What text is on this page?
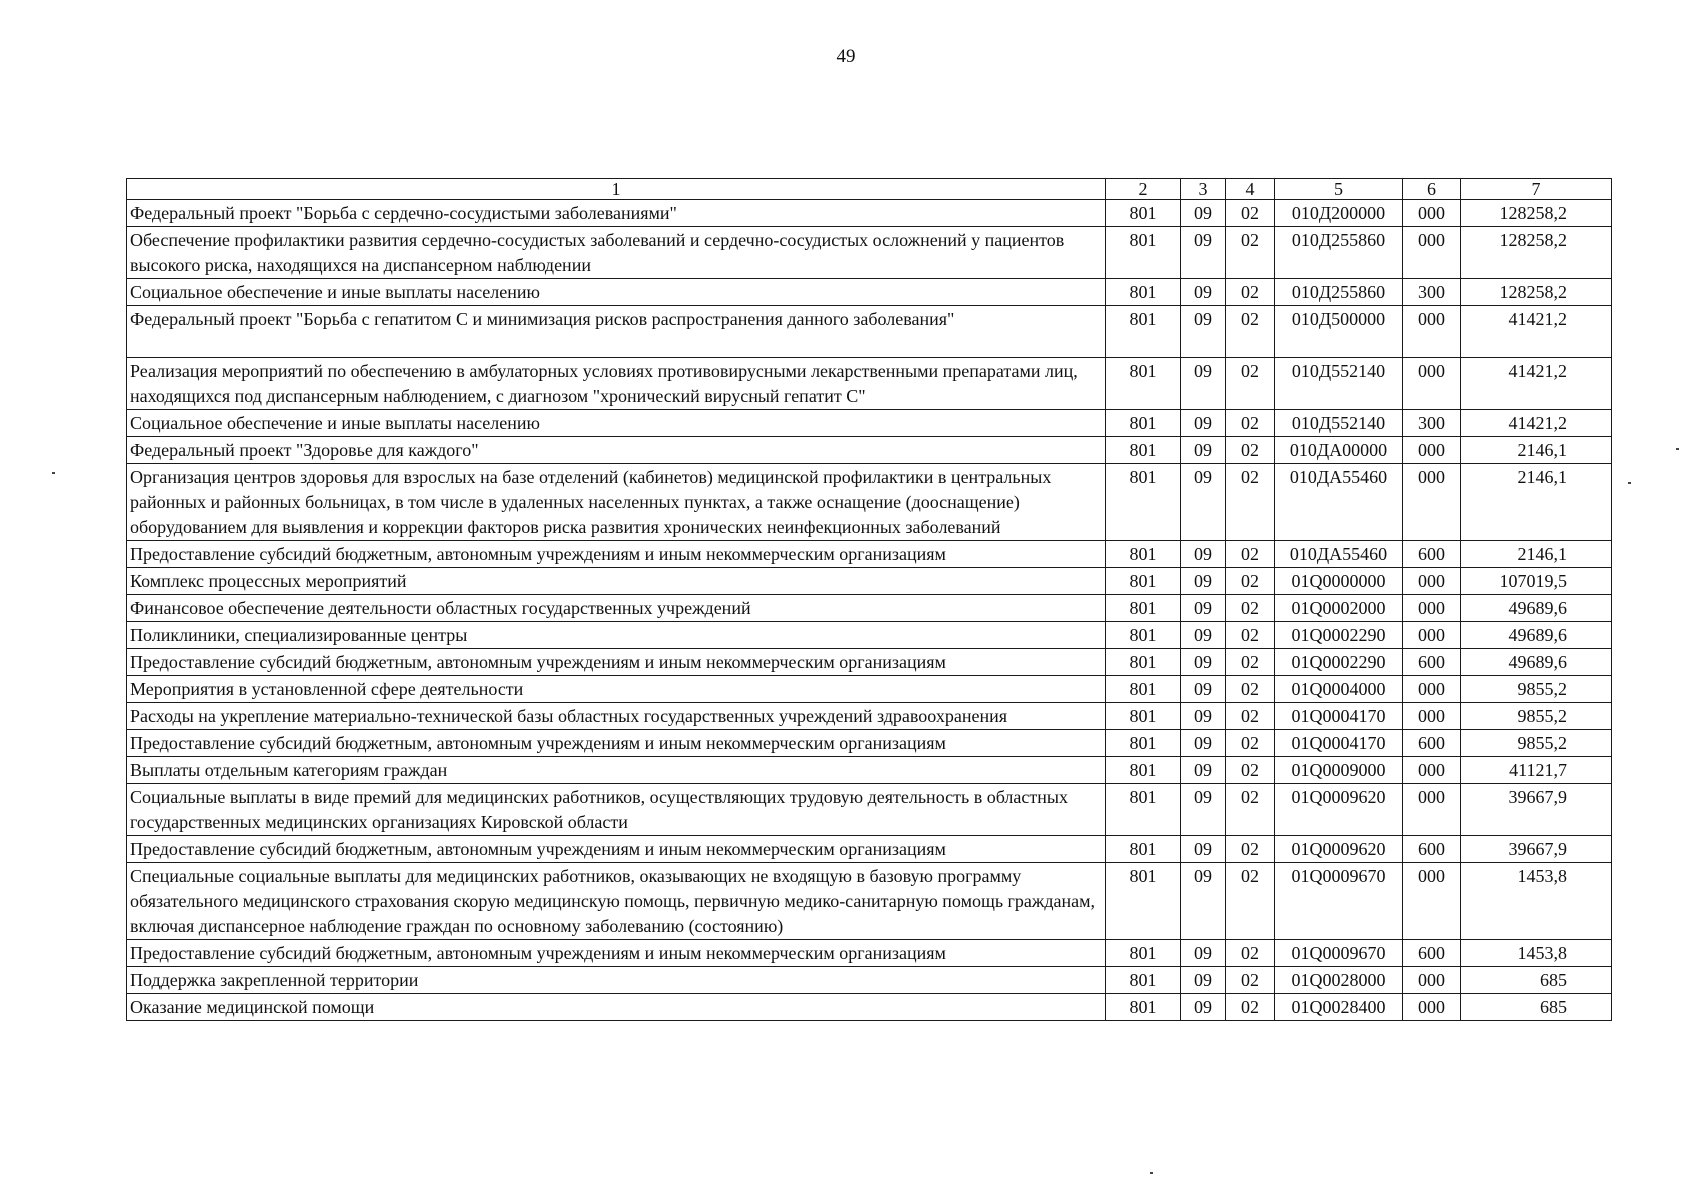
49
1	2	3	4	5	6	7
Федеральный проект "Борьба с сердечно-сосудистыми заболеваниями"	801	09	02	010Д200000	000	128258,2
Обеспечение профилактики развития сердечно-сосудистых заболеваний и сердечно-сосудистых осложнений у пациентов высокого риска, находящихся на диспансерном наблюдении	801	09	02	010Д255860	000	128258,2
Социальное обеспечение и иные выплаты населению	801	09	02	010Д255860	300	128258,2
Федеральный проект "Борьба с гепатитом С и минимизация рисков распространения данного заболевания"	801	09	02	010Д500000	000	41421,2
Реализация мероприятий по обеспечению в амбулаторных условиях противовирусными лекарственными препаратами лиц, находящихся под диспансерным наблюдением, с диагнозом "хронический вирусный гепатит С"	801	09	02	010Д552140	000	41421,2
Социальное обеспечение и иные выплаты населению	801	09	02	010Д552140	300	41421,2
Федеральный проект "Здоровье для каждого"	801	09	02	010ДА00000	000	2146,1
Организация центров здоровья для взрослых на базе отделений (кабинетов) медицинской профилактики в центральных районных и районных больницах, в том числе в удаленных населенных пунктах, а также оснащение (дооснащение) оборудованием для выявления и коррекции факторов риска развития хронических неинфекционных заболеваний	801	09	02	010ДА55460	000	2146,1
Предоставление субсидий бюджетным, автономным учреждениям и иным некоммерческим организациям	801	09	02	010ДА55460	600	2146,1
Комплекс процессных мероприятий	801	09	02	01Q0000000	000	107019,5
Финансовое обеспечение деятельности областных государственных учреждений	801	09	02	01Q0002000	000	49689,6
Поликлиники, специализированные центры	801	09	02	01Q0002290	000	49689,6
Предоставление субсидий бюджетным, автономным учреждениям и иным некоммерческим организациям	801	09	02	01Q0002290	600	49689,6
Мероприятия в установленной сфере деятельности	801	09	02	01Q0004000	000	9855,2
Расходы на укрепление материально-технической базы областных государственных учреждений здравоохранения	801	09	02	01Q0004170	000	9855,2
Предоставление субсидий бюджетным, автономным учреждениям и иным некоммерческим организациям	801	09	02	01Q0004170	600	9855,2
Выплаты отдельным категориям граждан	801	09	02	01Q0009000	000	41121,7
Социальные выплаты в виде премий для медицинских работников, осуществляющих трудовую деятельность в областных государственных медицинских организациях Кировской области	801	09	02	01Q0009620	000	39667,9
Предоставление субсидий бюджетным, автономным учреждениям и иным некоммерческим организациям	801	09	02	01Q0009620	600	39667,9
Специальные социальные выплаты для медицинских работников, оказывающих не входящую в базовую программу обязательного медицинского страхования скорую медицинскую помощь, первичную медико-санитарную помощь гражданам, включая диспансерное наблюдение граждан по основному заболеванию (состоянию)	801	09	02	01Q0009670	000	1453,8
Предоставление субсидий бюджетным, автономным учреждениям и иным некоммерческим организациям	801	09	02	01Q0009670	600	1453,8
Поддержка закрепленной территории	801	09	02	01Q0028000	000	685
Оказание медицинской помощи	801	09	02	01Q0028400	000	685
